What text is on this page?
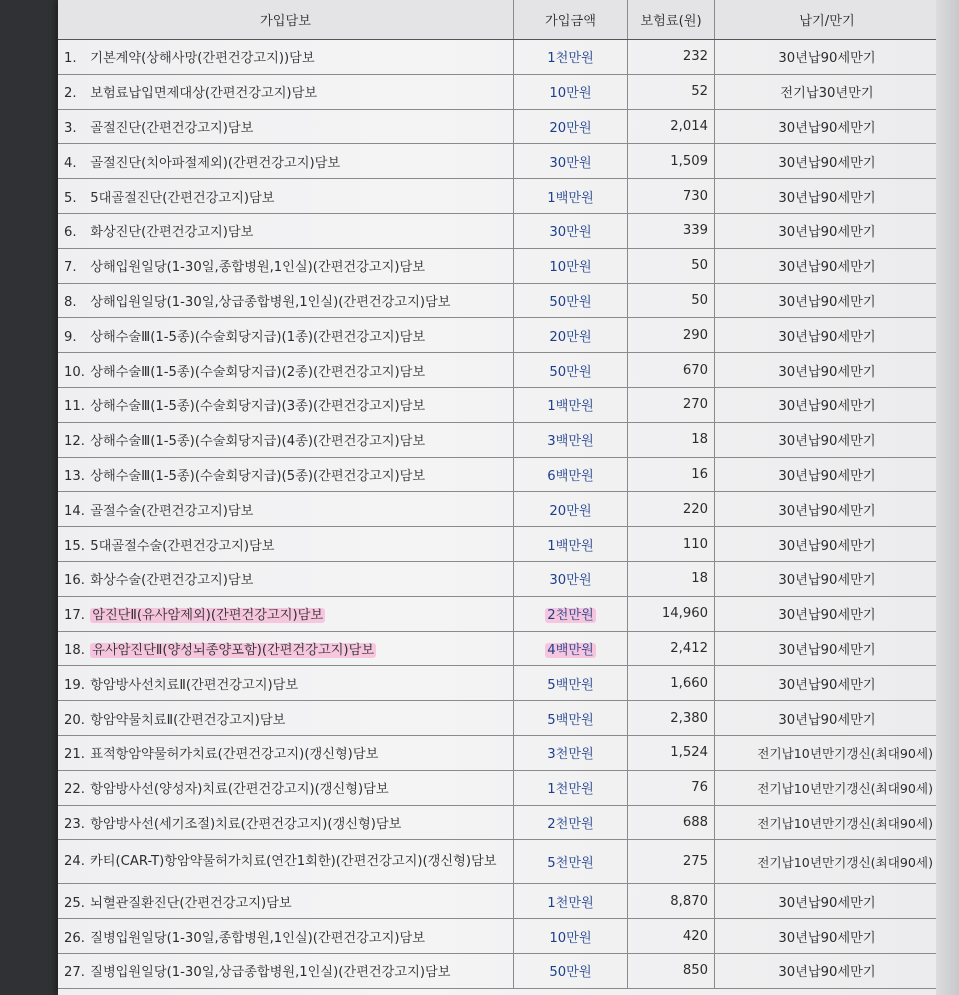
가입담보	가입금액	보험료(원)	납기/만기
1. 기본계약(상해사망(간편건강고지))담보	1천만원	232	30년납90세만기
2. 보험료납입면제대상(간편건강고지)담보	10만원	52	전기납30년만기
3. 골절진단(간편건강고지)담보	20만원	2,014	30년납90세만기
4. 골절진단(치아파절제외)(간편건강고지)담보	30만원	1,509	30년납90세만기
5. 5대골절진단(간편건강고지)담보	1백만원	730	30년납90세만기
6. 화상진단(간편건강고지)담보	30만원	339	30년납90세만기
7. 상해입원일당(1-30일,종합병원,1인실)(간편건강고지)담보	10만원	50	30년납90세만기
8. 상해입원일당(1-30일,상급종합병원,1인실)(간편건강고지)담보	50만원	50	30년납90세만기
9. 상해수술Ⅲ(1-5종)(수술회당지급)(1종)(간편건강고지)담보	20만원	290	30년납90세만기
10. 상해수술Ⅲ(1-5종)(수술회당지급)(2종)(간편건강고지)담보	50만원	670	30년납90세만기
11. 상해수술Ⅲ(1-5종)(수술회당지급)(3종)(간편건강고지)담보	1백만원	270	30년납90세만기
12. 상해수술Ⅲ(1-5종)(수술회당지급)(4종)(간편건강고지)담보	3백만원	18	30년납90세만기
13. 상해수술Ⅲ(1-5종)(수술회당지급)(5종)(간편건강고지)담보	6백만원	16	30년납90세만기
14. 골절수술(간편건강고지)담보	20만원	220	30년납90세만기
15. 5대골절수술(간편건강고지)담보	1백만원	110	30년납90세만기
16. 화상수술(간편건강고지)담보	30만원	18	30년납90세만기
17. 암진단Ⅱ(유사암제외)(간편건강고지)담보	2천만원	14,960	30년납90세만기
18. 유사암진단Ⅱ(양성뇌종양포함)(간편건강고지)담보	4백만원	2,412	30년납90세만기
19. 항암방사선치료Ⅱ(간편건강고지)담보	5백만원	1,660	30년납90세만기
20. 항암약물치료Ⅱ(간편건강고지)담보	5백만원	2,380	30년납90세만기
21. 표적항암약물허가치료(간편건강고지)(갱신형)담보	3천만원	1,524	전기납10년만기갱신(최대90세)
22. 항암방사선(양성자)치료(간편건강고지)(갱신형)담보	1천만원	76	전기납10년만기갱신(최대90세)
23. 항암방사선(세기조절)치료(간편건강고지)(갱신형)담보	2천만원	688	전기납10년만기갱신(최대90세)

24. 카티(CAR-T)항암약물허가치료(연간1회한)(간편건강고지)(갱신형)담보	5천만원	275	전기납10년만기갱신(최대90세)
25. 뇌혈관질환진단(간편건강고지)담보	1천만원	8,870	30년납90세만기
26. 질병입원일당(1-30일,종합병원,1인실)(간편건강고지)담보	10만원	420	30년납90세만기
27. 질병입원일당(1-30일,상급종합병원,1인실)(간편건강고지)담보	50만원	850	30년납90세만기
